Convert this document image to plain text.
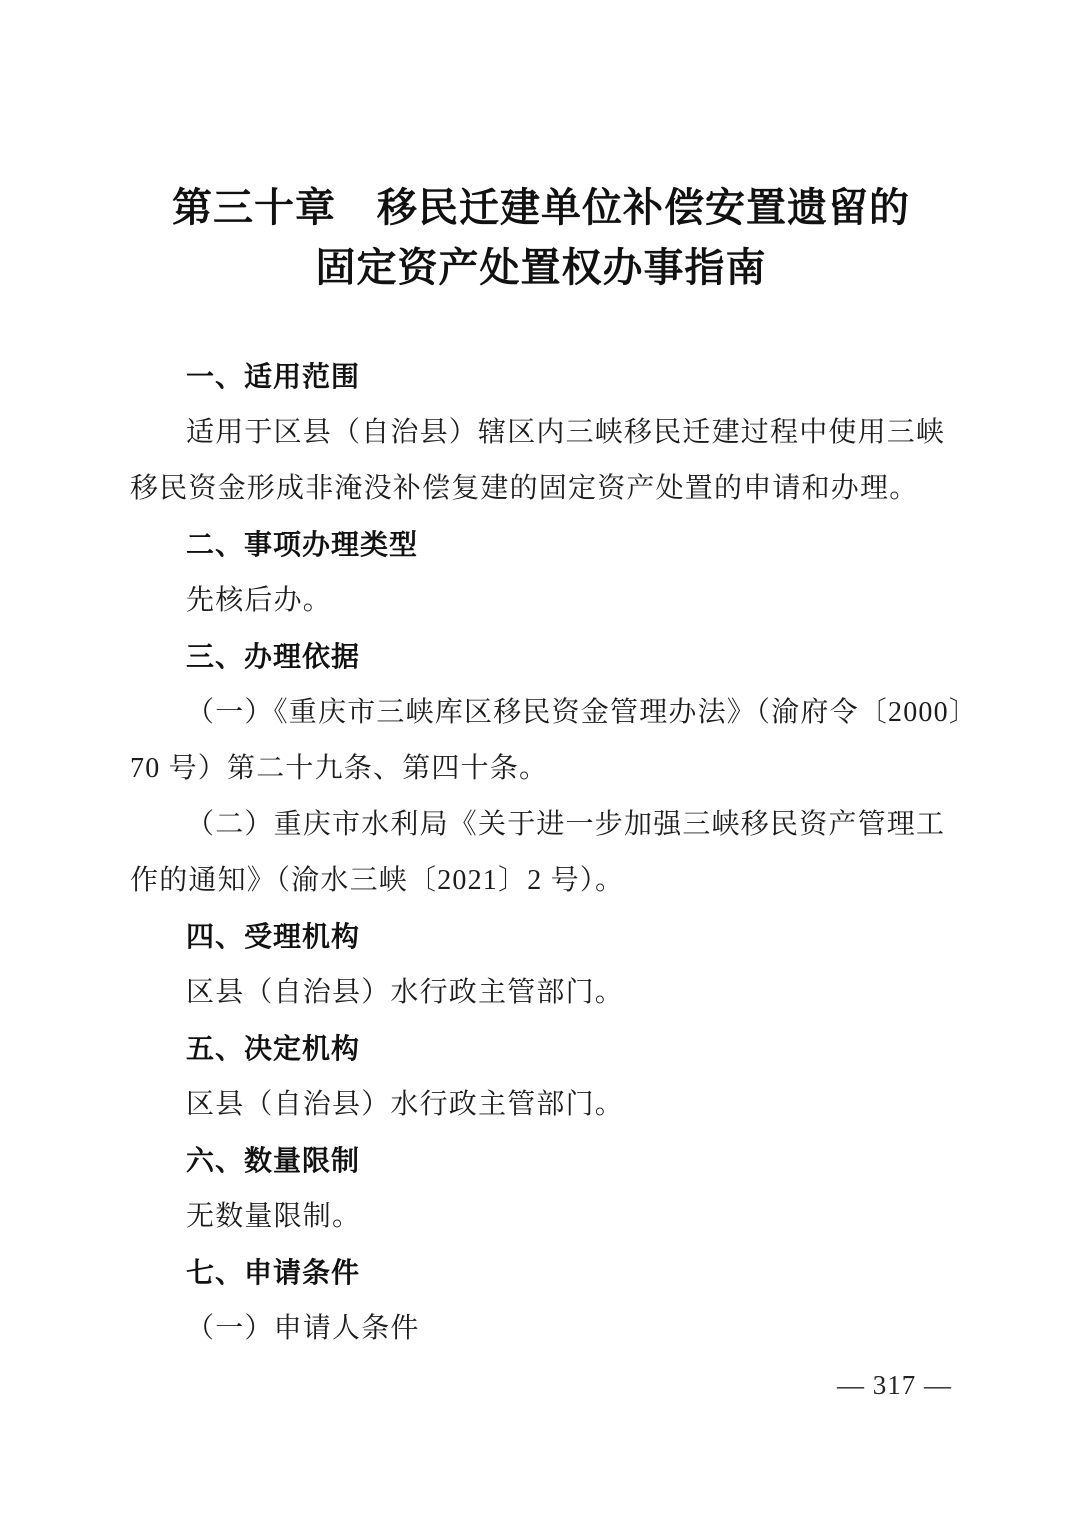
第三十章　移民迁建单位补偿安置遗留的
固定资产处置权办事指南
一、适用范围
适用于区县（自治县）辖区内三峡移民迁建过程中使用三峡
移民资金形成非淹没补偿复建的固定资产处置的申请和办理。
二、事项办理类型
先核后办。
三、办理依据
（一）《重庆市三峡库区移民资金管理办法》（渝府令〔2000〕
70 号）第二十九条、第四十条。
（二）重庆市水利局《关于进一步加强三峡移民资产管理工
作的通知》（渝水三峡〔2021〕2 号）。
四、受理机构
区县（自治县）水行政主管部门。
五、决定机构
区县（自治县）水行政主管部门。
六、数量限制
无数量限制。
七、申请条件
（一）申请人条件
— 317 —
